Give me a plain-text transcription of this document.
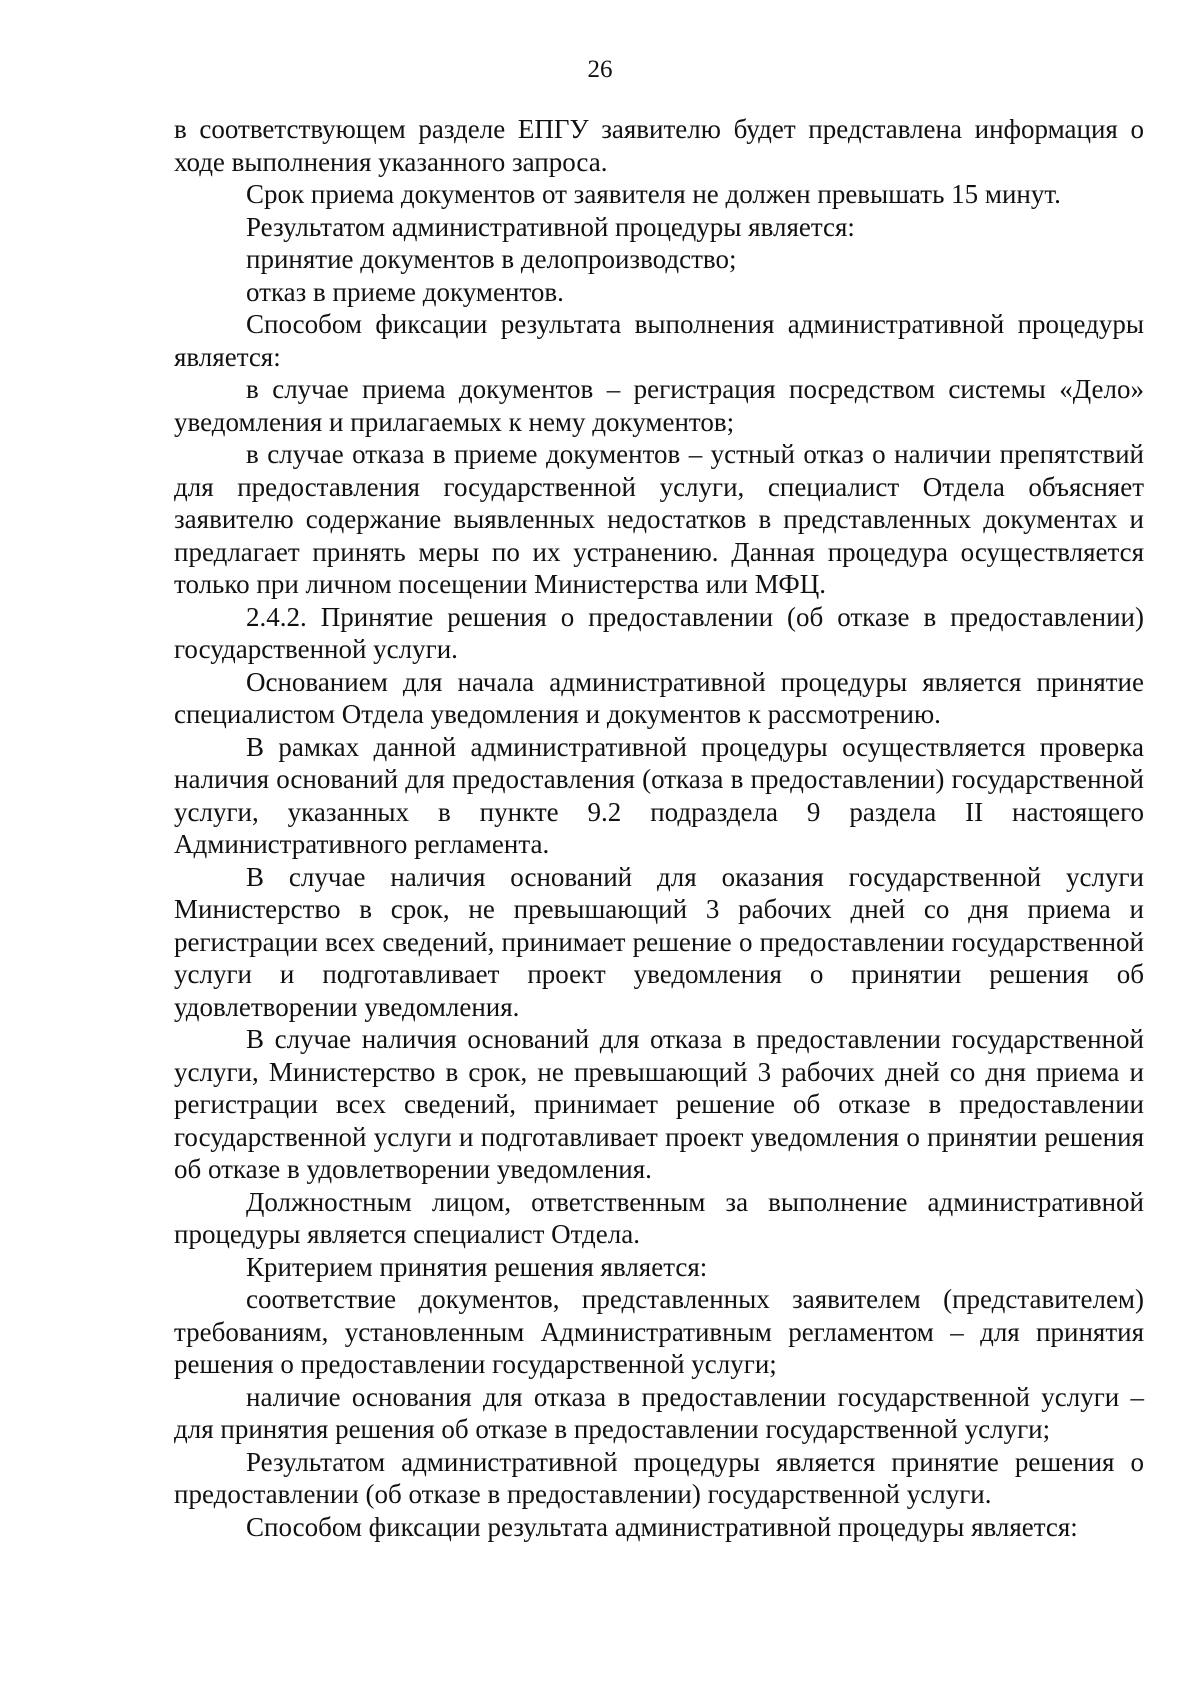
26

в соответствующем разделе ЕПГУ заявителю будет представлена информация о ходе выполнения указанного запроса.

Срок приема документов от заявителя не должен превышать 15 минут.

Результатом административной процедуры является:

принятие документов в делопроизводство;

отказ в приеме документов.

Способом фиксации результата выполнения административной процедуры является:

в случае приема документов – регистрация посредством системы «Дело» уведомления и прилагаемых к нему документов;

в случае отказа в приеме документов – устный отказ о наличии препятствий для предоставления государственной услуги, специалист Отдела объясняет заявителю содержание выявленных недостатков в представленных документах и предлагает принять меры по их устранению. Данная процедура осуществляется только при личном посещении Министерства или МФЦ.

2.4.2. Принятие решения о предоставлении (об отказе в предоставлении) государственной услуги.

Основанием для начала административной процедуры является принятие специалистом Отдела уведомления и документов к рассмотрению.

В рамках данной административной процедуры осуществляется проверка наличия оснований для предоставления (отказа в предоставлении) государственной услуги, указанных в пункте 9.2 подраздела 9 раздела II настоящего Административного регламента.

В случае наличия оснований для оказания государственной услуги Министерство в срок, не превышающий 3 рабочих дней со дня приема и регистрации всех сведений, принимает решение о предоставлении государственной услуги и подготавливает проект уведомления о принятии решения об удовлетворении уведомления.

В случае наличия оснований для отказа в предоставлении государственной услуги, Министерство в срок, не превышающий 3 рабочих дней со дня приема и регистрации всех сведений, принимает решение об отказе в предоставлении государственной услуги и подготавливает проект уведомления о принятии решения об отказе в удовлетворении уведомления.

Должностным лицом, ответственным за выполнение административной процедуры является специалист Отдела.

Критерием принятия решения является:

соответствие документов, представленных заявителем (представителем) требованиям, установленным Административным регламентом – для принятия решения о предоставлении государственной услуги;

наличие основания для отказа в предоставлении государственной услуги – для принятия решения об отказе в предоставлении государственной услуги;

Результатом административной процедуры является принятие решения о предоставлении (об отказе в предоставлении) государственной услуги.

Способом фиксации результата административной процедуры является:
